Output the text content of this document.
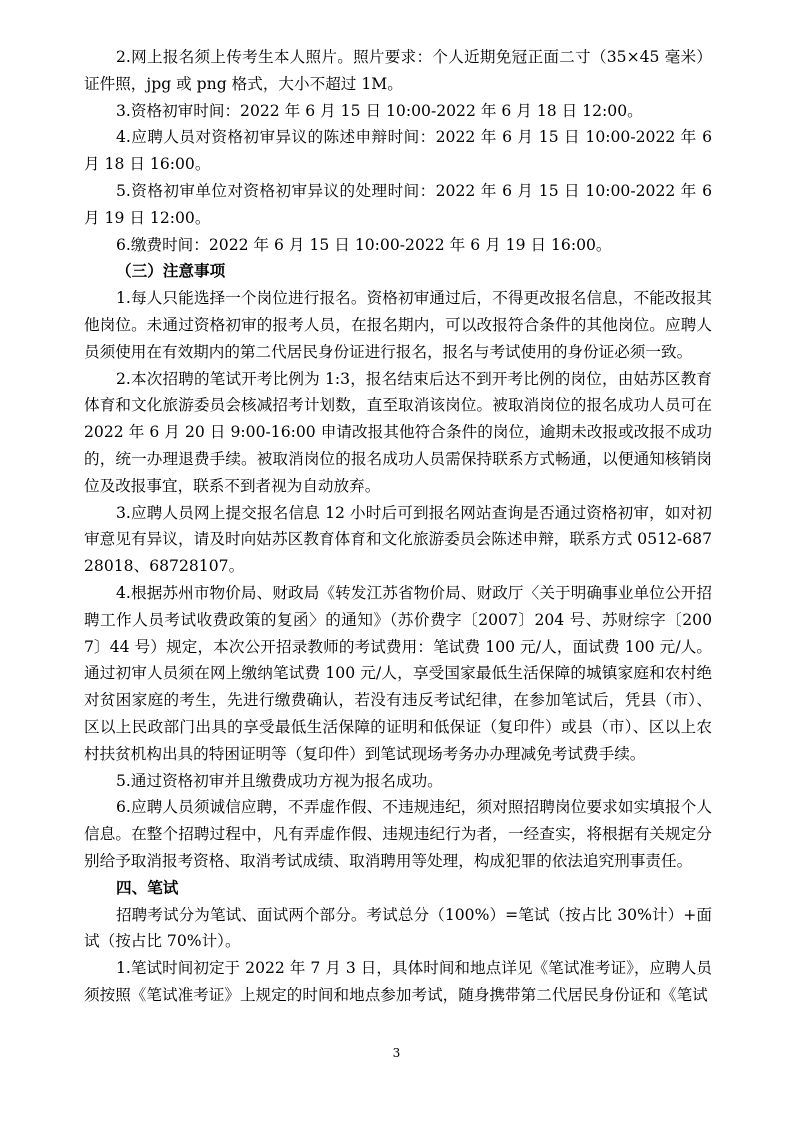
2.网上报名须上传考生本人照片。照片要求：个人近期免冠正面二寸（35×45 毫米）证件照，jpg 或 png 格式，大小不超过 1M。

3.资格初审时间：2022 年 6 月 15 日 10:00-2022 年 6 月 18 日 12:00。

4.应聘人员对资格初审异议的陈述申辩时间：2022 年 6 月 15 日 10:00-2022 年 6 月 18 日 16:00。

5.资格初审单位对资格初审异议的处理时间：2022 年 6 月 15 日 10:00-2022 年 6 月 19 日 12:00。

6.缴费时间：2022 年 6 月 15 日 10:00-2022 年 6 月 19 日 16:00。

（三）注意事项

1.每人只能选择一个岗位进行报名。资格初审通过后，不得更改报名信息，不能改报其他岗位。未通过资格初审的报考人员，在报名期内，可以改报符合条件的其他岗位。应聘人员须使用在有效期内的第二代居民身份证进行报名，报名与考试使用的身份证必须一致。

2.本次招聘的笔试开考比例为 1:3，报名结束后达不到开考比例的岗位，由姑苏区教育体育和文化旅游委员会核减招考计划数，直至取消该岗位。被取消岗位的报名成功人员可在 2022 年 6 月 20 日 9:00-16:00 申请改报其他符合条件的岗位，逾期未改报或改报不成功的，统一办理退费手续。被取消岗位的报名成功人员需保持联系方式畅通，以便通知核销岗位及改报事宜，联系不到者视为自动放弃。

3.应聘人员网上提交报名信息 12 小时后可到报名网站查询是否通过资格初审，如对初审意见有异议，请及时向姑苏区教育体育和文化旅游委员会陈述申辩，联系方式 0512-68728018、68728107。

4.根据苏州市物价局、财政局《转发江苏省物价局、财政厅〈关于明确事业单位公开招聘工作人员考试收费政策的复函〉的通知》（苏价费字〔2007〕204 号、苏财综字〔2007〕44 号）规定，本次公开招录教师的考试费用：笔试费 100 元/人，面试费 100 元/人。通过初审人员须在网上缴纳笔试费 100 元/人，享受国家最低生活保障的城镇家庭和农村绝对贫困家庭的考生，先进行缴费确认，若没有违反考试纪律，在参加笔试后，凭县（市）、区以上民政部门出具的享受最低生活保障的证明和低保证（复印件）或县（市）、区以上农村扶贫机构出具的特困证明等（复印件）到笔试现场考务办办理减免考试费手续。

5.通过资格初审并且缴费成功方视为报名成功。

6.应聘人员须诚信应聘，不弄虚作假、不违规违纪，须对照招聘岗位要求如实填报个人信息。在整个招聘过程中，凡有弄虚作假、违规违纪行为者，一经查实，将根据有关规定分别给予取消报考资格、取消考试成绩、取消聘用等处理，构成犯罪的依法追究刑事责任。

四、笔试

招聘考试分为笔试、面试两个部分。考试总分（100%）=笔试（按占比 30%计）+面试（按占比 70%计）。

1.笔试时间初定于 2022 年 7 月 3 日，具体时间和地点详见《笔试准考证》，应聘人员须按照《笔试准考证》上规定的时间和地点参加考试，随身携带第二代居民身份证和《笔试

3
